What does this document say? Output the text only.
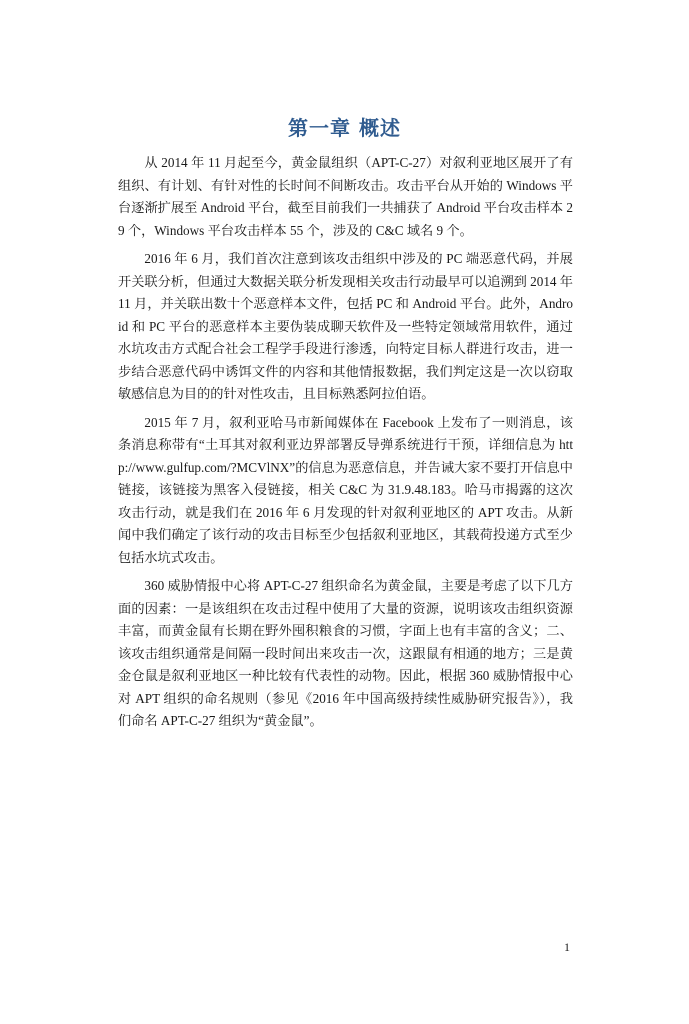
第一章 概述

从 2014 年 11 月起至今，黄金鼠组织（APT-C-27）对叙利亚地区展开了有组织、有计划、有针对性的长时间不间断攻击。攻击平台从开始的 Windows 平台逐渐扩展至 Android 平台，截至目前我们一共捕获了 Android 平台攻击样本 29 个，Windows 平台攻击样本 55 个，涉及的 C&C 域名 9 个。

2016 年 6 月，我们首次注意到该攻击组织中涉及的 PC 端恶意代码，并展开关联分析，但通过大数据关联分析发现相关攻击行动最早可以追溯到 2014 年 11 月，并关联出数十个恶意样本文件，包括 PC 和 Android 平台。此外，Android 和 PC 平台的恶意样本主要伪装成聊天软件及一些特定领域常用软件，通过水坑攻击方式配合社会工程学手段进行渗透，向特定目标人群进行攻击，进一步结合恶意代码中诱饵文件的内容和其他情报数据，我们判定这是一次以窃取敏感信息为目的的针对性攻击，且目标熟悉阿拉伯语。

2015 年 7 月，叙利亚哈马市新闻媒体在 Facebook 上发布了一则消息，该条消息称带有“土耳其对叙利亚边界部署反导弹系统进行干预，详细信息为 http://www.gulfup.com/?MCVlNX”的信息为恶意信息，并告诫大家不要打开信息中链接，该链接为黑客入侵链接，相关 C&C 为 31.9.48.183。哈马市揭露的这次攻击行动，就是我们在 2016 年 6 月发现的针对叙利亚地区的 APT 攻击。从新闻中我们确定了该行动的攻击目标至少包括叙利亚地区，其载荷投递方式至少包括水坑式攻击。

360 威胁情报中心将 APT-C-27 组织命名为黄金鼠，主要是考虑了以下几方面的因素：一是该组织在攻击过程中使用了大量的资源，说明该攻击组织资源丰富，而黄金鼠有长期在野外囤积粮食的习惯，字面上也有丰富的含义；二、该攻击组织通常是间隔一段时间出来攻击一次，这跟鼠有相通的地方；三是黄金仓鼠是叙利亚地区一种比较有代表性的动物。因此，根据 360 威胁情报中心对 APT 组织的命名规则（参见《2016 年中国高级持续性威胁研究报告》），我们命名 APT-C-27 组织为“黄金鼠”。

1
